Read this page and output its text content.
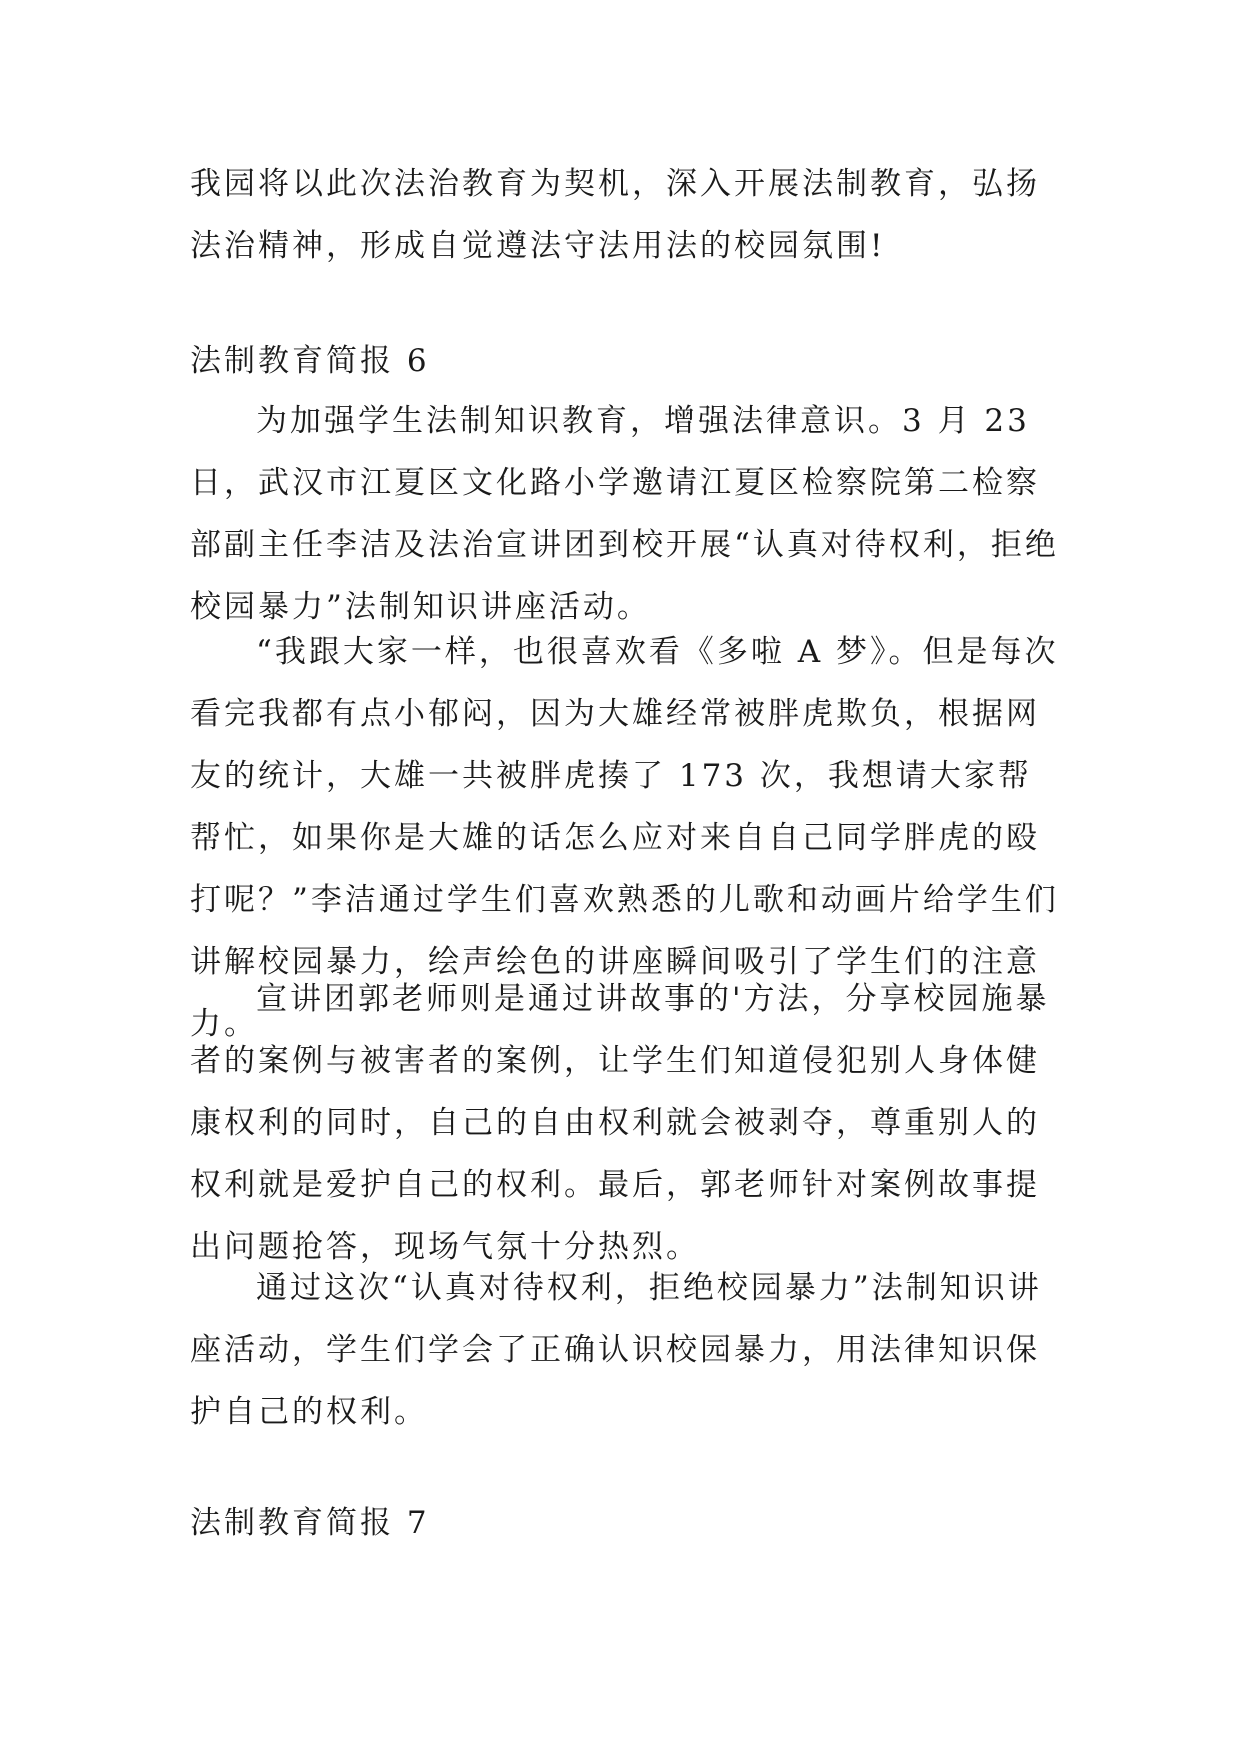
我园将以此次法治教育为契机，深入开展法制教育，弘扬法治精神，形成自觉遵法守法用法的校园氛围!

法制教育简报 6

为加强学生法制知识教育，增强法律意识。3 月 23 日，武汉市江夏区文化路小学邀请江夏区检察院第二检察部副主任李洁及法治宣讲团到校开展“认真对待权利，拒绝校园暴力”法制知识讲座活动。

“我跟大家一样，也很喜欢看《多啦 A 梦》。但是每次看完我都有点小郁闷，因为大雄经常被胖虎欺负，根据网友的统计，大雄一共被胖虎揍了 173 次，我想请大家帮帮忙，如果你是大雄的话怎么应对来自自己同学胖虎的殴打呢？”李洁通过学生们喜欢熟悉的儿歌和动画片给学生们讲解校园暴力，绘声绘色的讲座瞬间吸引了学生们的注意力。

宣讲团郭老师则是通过讲故事的'方法，分享校园施暴者的案例与被害者的案例，让学生们知道侵犯别人身体健康权利的同时，自己的自由权利就会被剥夺，尊重别人的权利就是爱护自己的权利。最后，郭老师针对案例故事提出问题抢答，现场气氛十分热烈。

通过这次“认真对待权利，拒绝校园暴力”法制知识讲座活动，学生们学会了正确认识校园暴力，用法律知识保护自己的权利。

法制教育简报 7
